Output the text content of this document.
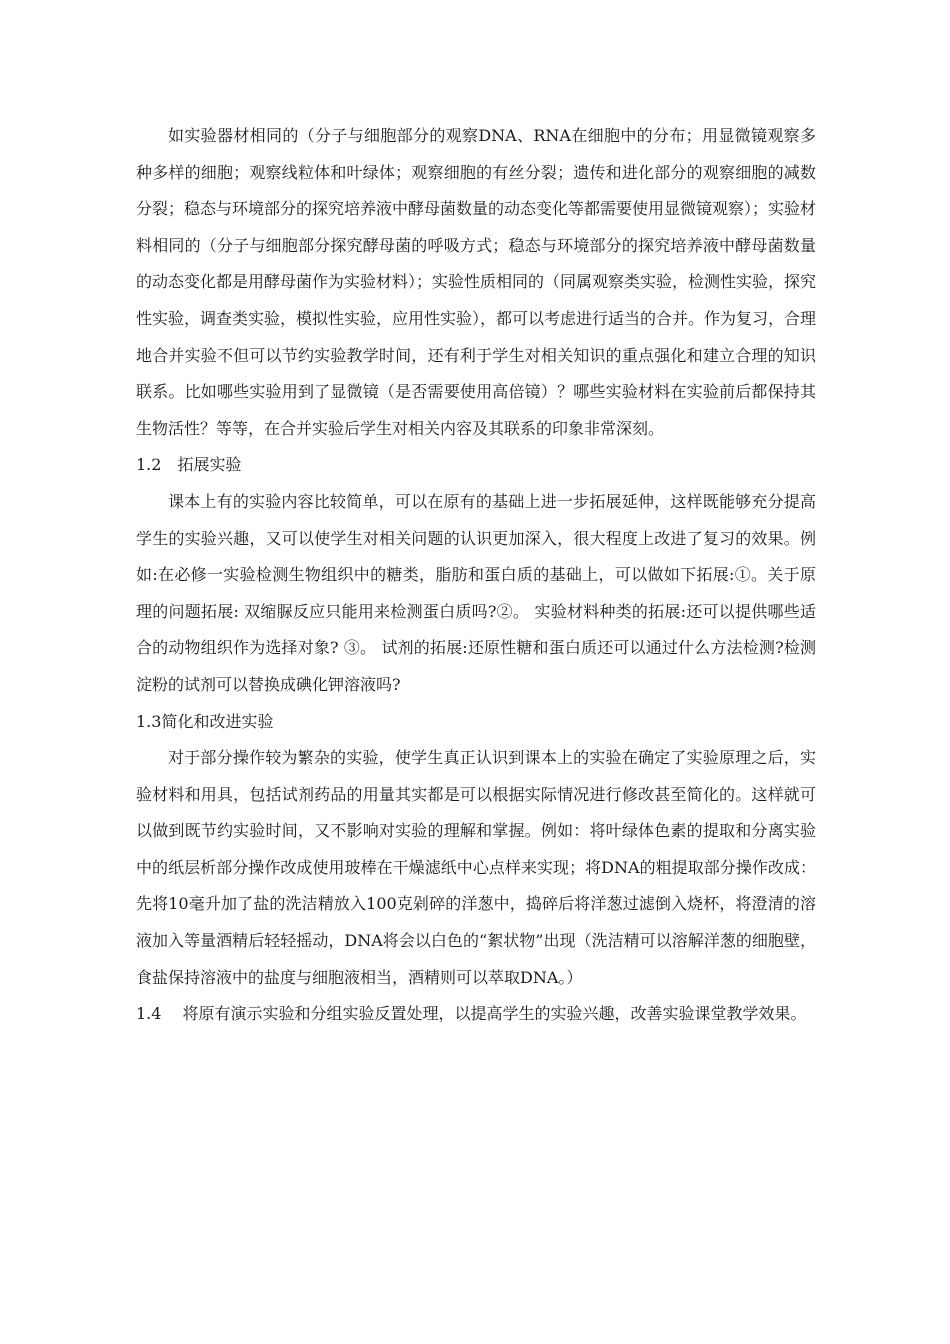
如实验器材相同的（分子与细胞部分的观察DNA、RNA在细胞中的分布；用显微镜观察多种多样的细胞；观察线粒体和叶绿体；观察细胞的有丝分裂；遗传和进化部分的观察细胞的减数分裂；稳态与环境部分的探究培养液中酵母菌数量的动态变化等都需要使用显微镜观察）；实验材料相同的（分子与细胞部分探究酵母菌的呼吸方式；稳态与环境部分的探究培养液中酵母菌数量的动态变化都是用酵母菌作为实验材料）；实验性质相同的（同属观察类实验，检测性实验，探究性实验，调查类实验，模拟性实验，应用性实验），都可以考虑进行适当的合并。作为复习，合理地合并实验不但可以节约实验教学时间，还有利于学生对相关知识的重点强化和建立合理的知识联系。比如哪些实验用到了显微镜（是否需要使用高倍镜）？哪些实验材料在实验前后都保持其生物活性？等等，在合并实验后学生对相关内容及其联系的印象非常深刻。

1.2　拓展实验

课本上有的实验内容比较简单，可以在原有的基础上进一步拓展延伸，这样既能够充分提高学生的实验兴趣，又可以使学生对相关问题的认识更加深入，很大程度上改进了复习的效果。例如:在必修一实验检测生物组织中的糖类，脂肪和蛋白质的基础上，可以做如下拓展:①。关于原理的问题拓展: 双缩脲反应只能用来检测蛋白质吗?②。 实验材料种类的拓展:还可以提供哪些适合的动物组织作为选择对象? ③。 试剂的拓展:还原性糖和蛋白质还可以通过什么方法检测?检测淀粉的试剂可以替换成碘化钾溶液吗?

1.3简化和改进实验

对于部分操作较为繁杂的实验，使学生真正认识到课本上的实验在确定了实验原理之后，实验材料和用具，包括试剂药品的用量其实都是可以根据实际情况进行修改甚至简化的。这样就可以做到既节约实验时间，又不影响对实验的理解和掌握。例如：将叶绿体色素的提取和分离实验中的纸层析部分操作改成使用玻棒在干燥滤纸中心点样来实现；将DNA的粗提取部分操作改成：先将10毫升加了盐的洗洁精放入100克剁碎的洋葱中，捣碎后将洋葱过滤倒入烧杯，将澄清的溶液加入等量酒精后轻轻摇动，DNA将会以白色的“絮状物”出现（洗洁精可以溶解洋葱的细胞壁，食盐保持溶液中的盐度与细胞液相当，酒精则可以萃取DNA。）

1.4　 将原有演示实验和分组实验反置处理，以提高学生的实验兴趣，改善实验课堂教学效果。
